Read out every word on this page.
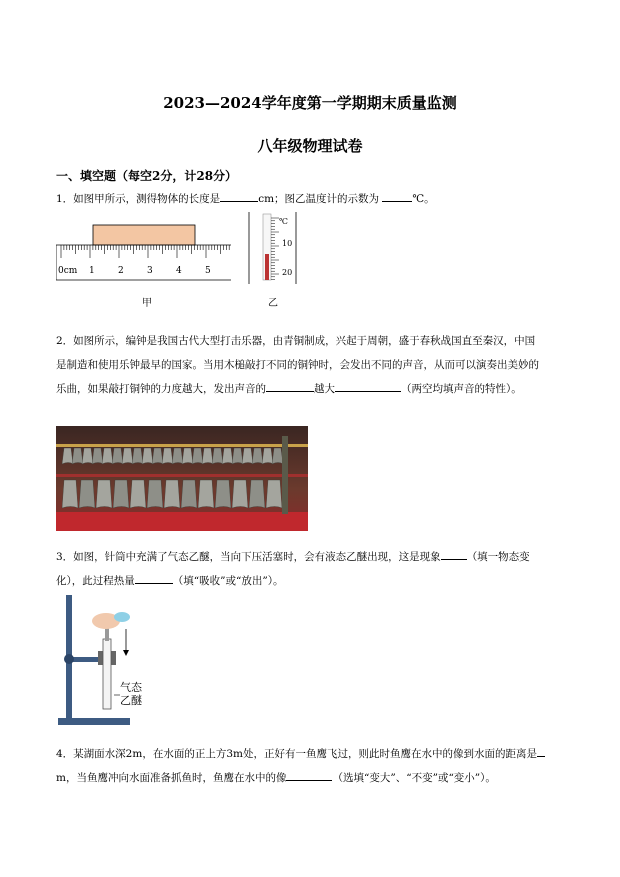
2023—2024学年度第一学期期末质量监测
八年级物理试卷
一、填空题（每空2分，计28分）
1．如图甲所示，测得物体的长度是	cm；图乙温度计的示数为	℃。
0cm 1	2	3	4	5
甲
℃
10
20
乙
2．如图所示，编钟是我国古代大型打击乐器，由青铜制成，兴起于周朝，盛于春秋战国直至秦汉，中国
是制造和使用乐钟最早的国家。当用木槌敲打不同的铜钟时，会发出不同的声音，从而可以演奏出美妙的
乐曲，如果敲打铜钟的力度越大，发出声音的	越大	（两空均填声音的特性）。
3．如图，针筒中充满了气态乙醚，当向下压活塞时，会有液态乙醚出现，这是现象 （填一物态变
化），此过程热量	（填“吸收”或“放出”）。
气态
乙醚
4．某湖面水深2m，在水面的正上方3m处，正好有一鱼鹰飞过，则此时鱼鹰在水中的像到水面的距离是
m，当鱼鹰冲向水面准备抓鱼时，鱼鹰在水中的像	（选填“变大”、“不变”或“变小”）。
